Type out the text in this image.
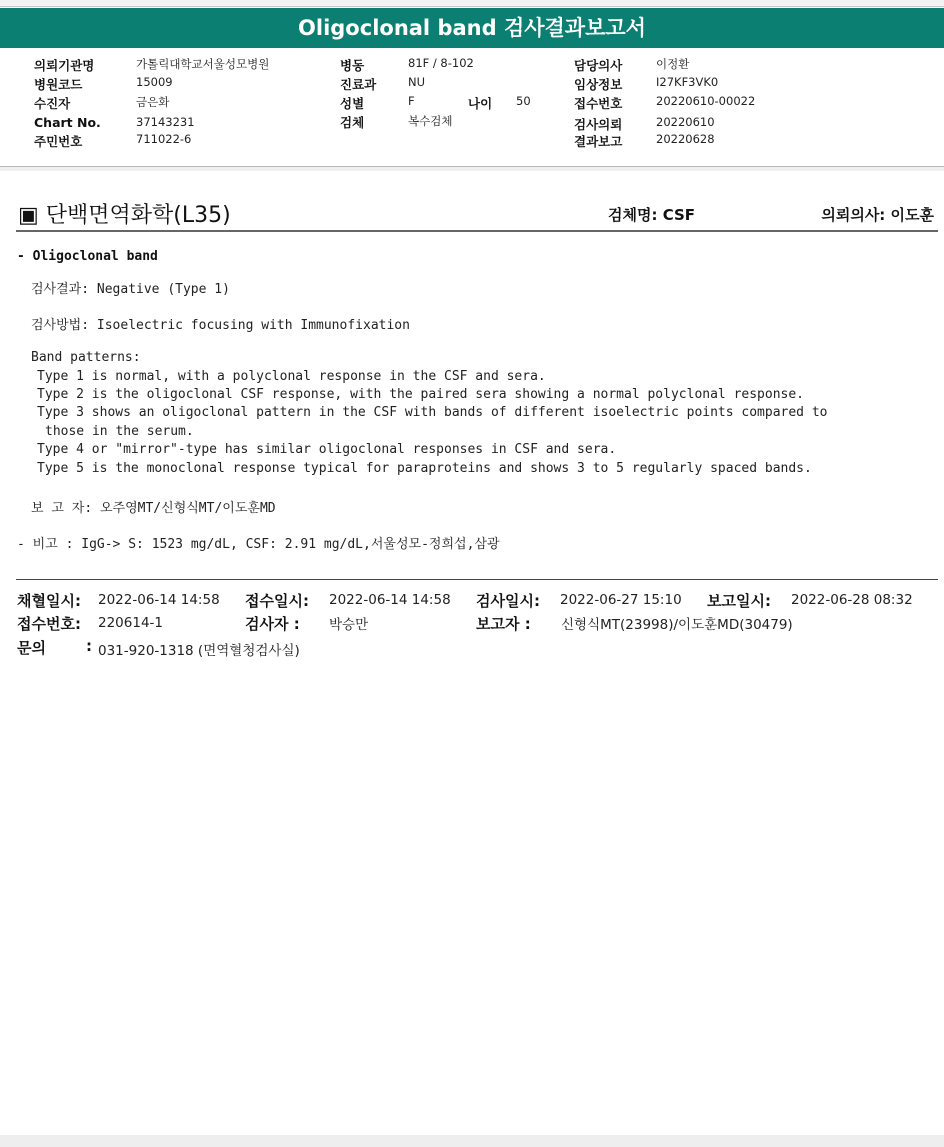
Oligoclonal band 검사결과보고서
의뢰기관명	가톨릭대학교서울성모병원
병원코드	15009
수진자	금은화
Chart No.	37143231
주민번호	711022-6
병동	81F / 8-102
진료과	NU
성별	F	나이 50
검체	복수검체
담당의사	이정환
임상정보	I27KF3VK0
접수번호	20220610-00022
검사의뢰	20220610
결과보고	20220628
▣ 단백면역화학(L35)	검체명: CSF	의뢰의사: 이도훈
- Oligoclonal band
검사결과: Negative (Type 1)
검사방법: Isoelectric focusing with Immunofixation
Band patterns:
Type 1 is normal, with a polyclonal response in the CSF and sera.
Type 2 is the oligoclonal CSF response, with the paired sera showing a normal polyclonal response.
Type 3 shows an oligoclonal pattern in the CSF with bands of different isoelectric points compared to
those in the serum.
Type 4 or "mirror"-type has similar oligoclonal responses in CSF and sera.
Type 5 is the monoclonal response typical for paraproteins and shows 3 to 5 regularly spaced bands.
보 고 자: 오주영MT/신형식MT/이도훈MD
- 비고 : IgG-> S: 1523 mg/dL, CSF: 2.91 mg/dL,서울성모-정희섭,삼광
채혈일시: 2022-06-14 14:58 접수일시: 2022-06-14 14:58 검사일시: 2022-06-27 15:10 보고일시: 2022-06-28 08:32
접수번호: 220614-1	검사자 : 박승만	보고자 : 신형식MT(23998)/이도훈MD(30479)
문의	: 031-920-1318 (면역혈청검사실)
